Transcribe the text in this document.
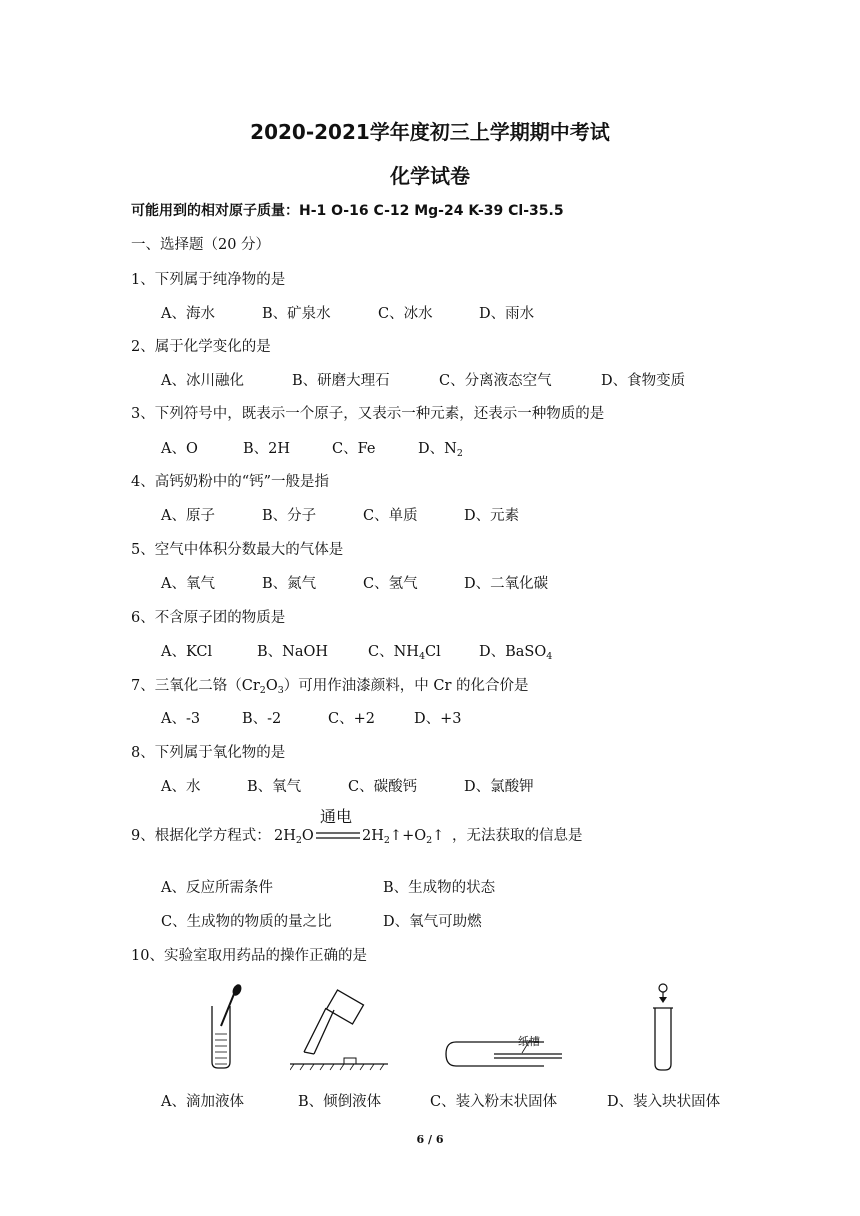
2020-2021学年度初三上学期期中考试
化学试卷
可能用到的相对原子质量：H-1 O-16 C-12 Mg-24 K-39 Cl-35.5
一、选择题（20 分）
1、下列属于纯净物的是
A、海水	B、矿泉水	C、冰水	D、雨水
2、属于化学变化的是
A、冰川融化	B、研磨大理石	C、分离液态空气	D、食物变质
3、下列符号中，既表示一个原子，又表示一种元素，还表示一种物质的是
A、O	B、2H	C、Fe	D、$N_2$
4、高钙奶粉中的“钙”一般是指
A、原子	B、分子	C、单质	D、元素
5、空气中体积分数最大的气体是
A、氧气	B、氮气	C、氢气	D、二氧化碳
6、不含原子团的物质是
A、KCl	B、NaOH	C、$NH_4Cl$	D、BaSO$_4$
7、三氧化二铬$(Cr_2O_3)$可用作油漆颜料，中 Cr 的化合价是
A、-3	B、-2	C、+2	D、+3
8、下列属于氧化物的是
A、水	B、氧气	C、碳酸钙	D、氯酸钾
9、根据化学方程式： $2H_2O$
通电
$2H_2↑+O_2↑$ ，无法获取的信息是
A、反应所需条件	B、生成物的状态
C、生成物的物质的量之比	D、氧气可助燃
10、实验室取用药品的操作正确的是
纸槽
A、滴加液体	B、倾倒液体	C、装入粉末状固体	D、装入块状固体
6 / 6
